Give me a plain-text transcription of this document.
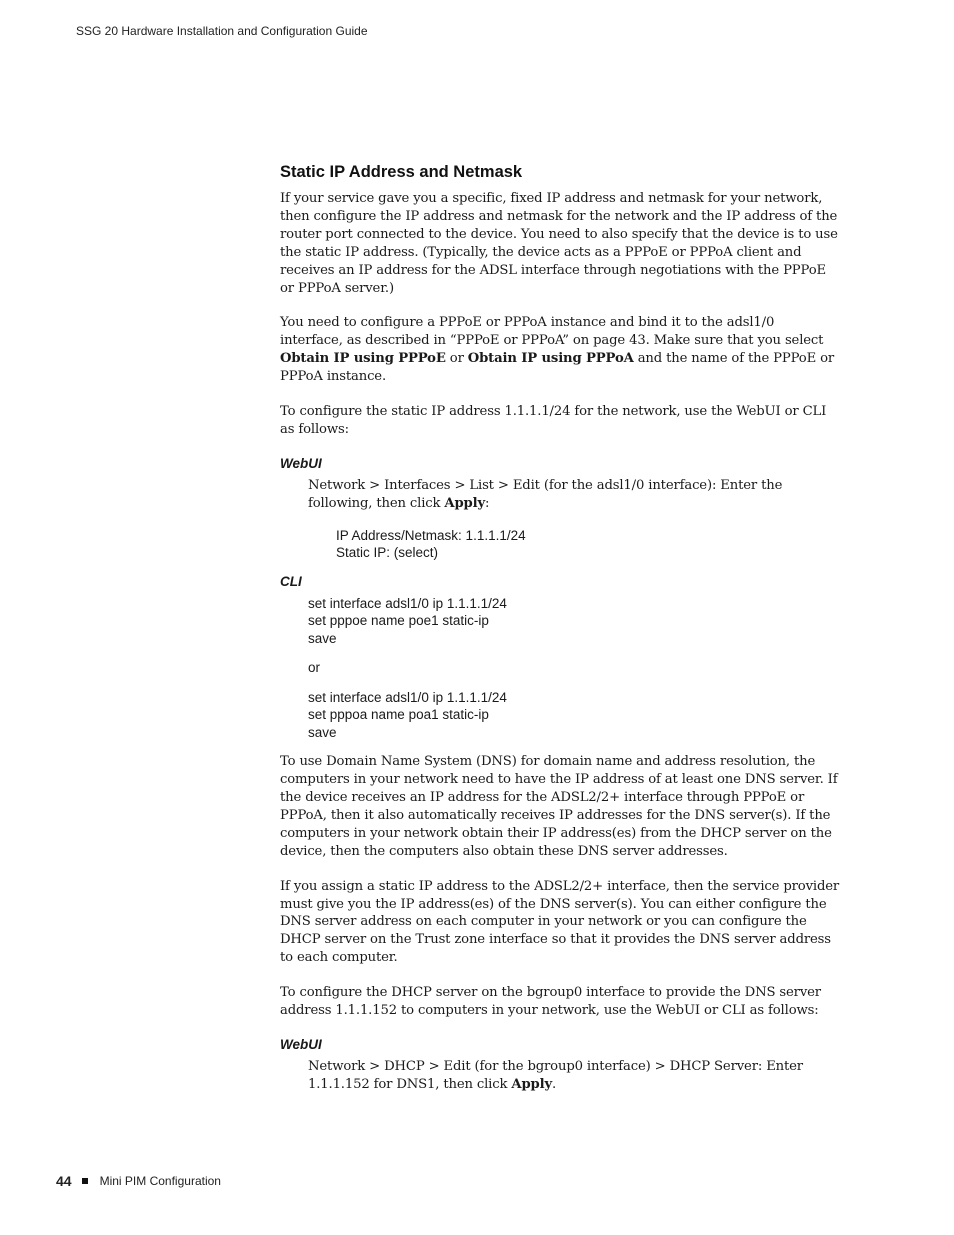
SSG 20 Hardware Installation and Configuration Guide
Static IP Address and Netmask

If your service gave you a specific, fixed IP address and netmask for your network, then configure the IP address and netmask for the network and the IP address of the router port connected to the device. You need to also specify that the device is to use the static IP address. (Typically, the device acts as a PPPoE or PPPoA client and receives an IP address for the ADSL interface through negotiations with the PPPoE or PPPoA server.)

You need to configure a PPPoE or PPPoA instance and bind it to the adsl1/0 interface, as described in “PPPoE or PPPoA” on page 43. Make sure that you select Obtain IP using PPPoE or Obtain IP using PPPoA and the name of the PPPoE or PPPoA instance.

To configure the static IP address 1.1.1.1/24 for the network, use the WebUI or CLI as follows:

WebUI

Network > Interfaces > List > Edit (for the adsl1/0 interface): Enter the following, then click Apply:

IP Address/Netmask: 1.1.1.1/24
Static IP: (select)
CLI
set interface adsl1/0 ip 1.1.1.1/24
set pppoe name poe1 static-ip
save
or
set interface adsl1/0 ip 1.1.1.1/24
set pppoa name poa1 static-ip
save

To use Domain Name System (DNS) for domain name and address resolution, the computers in your network need to have the IP address of at least one DNS server. If the device receives an IP address for the ADSL2/2+ interface through PPPoE or PPPoA, then it also automatically receives IP addresses for the DNS server(s). If the computers in your network obtain their IP address(es) from the DHCP server on the device, then the computers also obtain these DNS server addresses.

If you assign a static IP address to the ADSL2/2+ interface, then the service provider must give you the IP address(es) of the DNS server(s). You can either configure the DNS server address on each computer in your network or you can configure the DHCP server on the Trust zone interface so that it provides the DNS server address to each computer.

To configure the DHCP server on the bgroup0 interface to provide the DNS server address 1.1.1.152 to computers in your network, use the WebUI or CLI as follows:

WebUI

Network > DHCP > Edit (for the bgroup0 interface) > DHCP Server: Enter 1.1.1.152 for DNS1, then click Apply.

44 Mini PIM Configuration
